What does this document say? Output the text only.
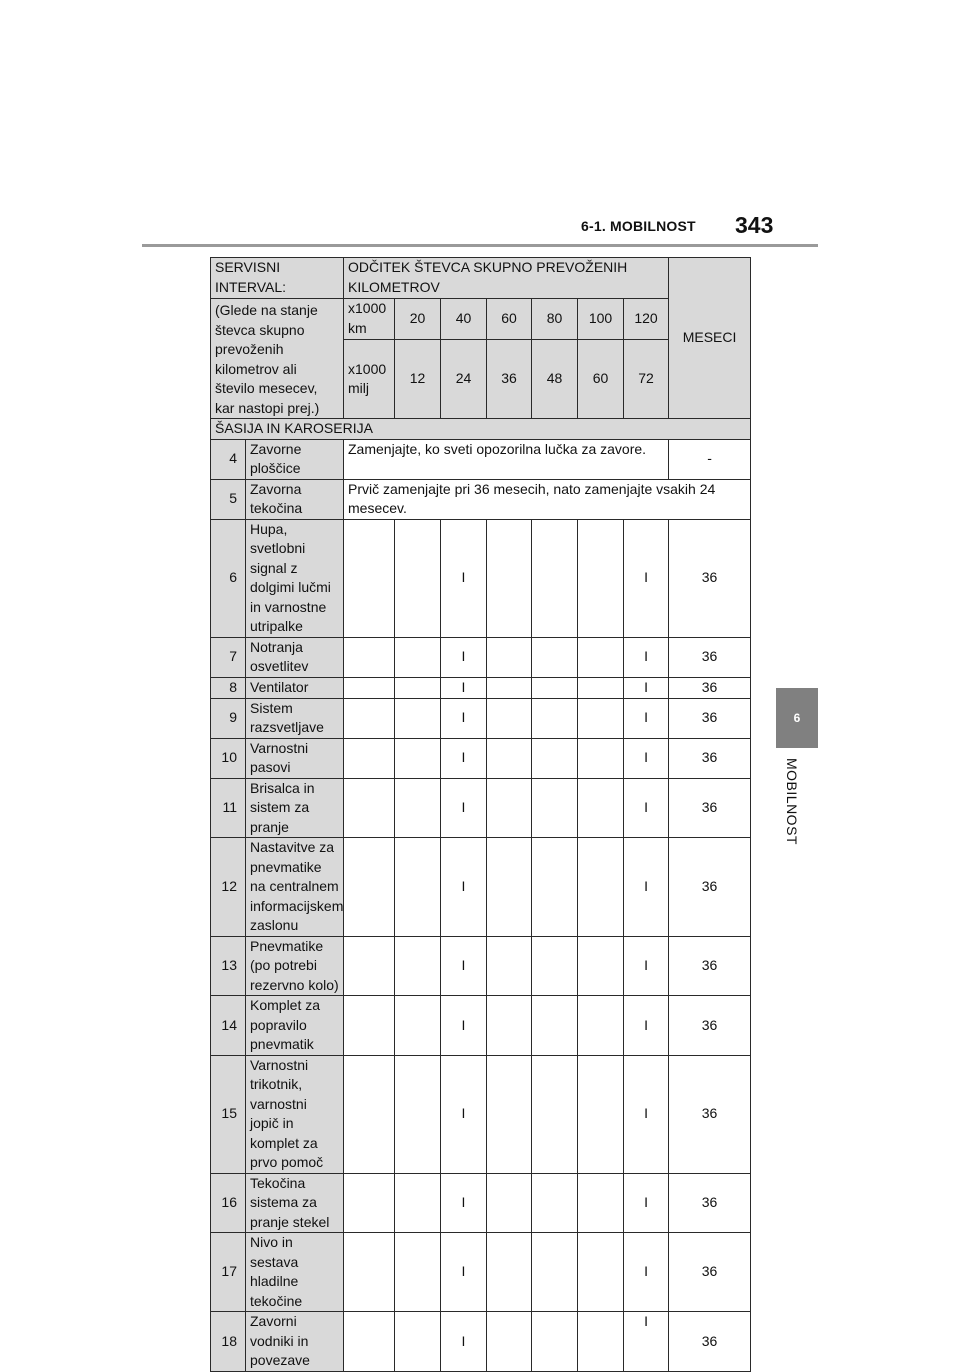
6-1. MOBILNOST 343
6
MOBILNOST
SERVISNI INTERVAL:		ODČITEK ŠTEVCA SKUPNO PREVOŽENIH KILOMETROV							MESECI
(Glede na stanje števca skupno prevoženih kilometrov ali število mesecev, kar nastopi prej.)		x1000 km	20	40	60	80	100	120	
		x1000 milj	12	24	36	48	60	72	
ŠASIJA IN KAROSERIJA									
4	Zavorne ploščice	Zamenjajte, ko sveti opozorilna lučka za zavore.							-
5	Zavorna tekočina	Prvič zamenjajte pri 36 mesecih, nato zamenjajte vsakih 24 mesecev.							
6	Hupa, svetlobni signal z dolgimi lučmi in varnostne utripalke			I				I	36
7	Notranja osvetlitev			I				I	36
8	Ventilator			I				I	36
9	Sistem razsvetljave			I				I	36
10	Varnostni pasovi			I				I	36
11	Brisalca in sistem za pranje			I				I	36
12	Nastavitve za pnevmatike na centralnem informacijskem zaslonu			I				I	36
13	Pnevmatike (po potrebi rezervno kolo)			I				I	36
14	Komplet za popravilo pnevmatik			I				I	36
15	Varnostni trikotnik, varnostni jopič in komplet za prvo pomoč			I				I	36
16	Tekočina sistema za pranje stekel			I				I	36
17	Nivo in sestava hladilne tekočine			I				I	36
18	Zavorni vodniki in povezave			I				I	36
